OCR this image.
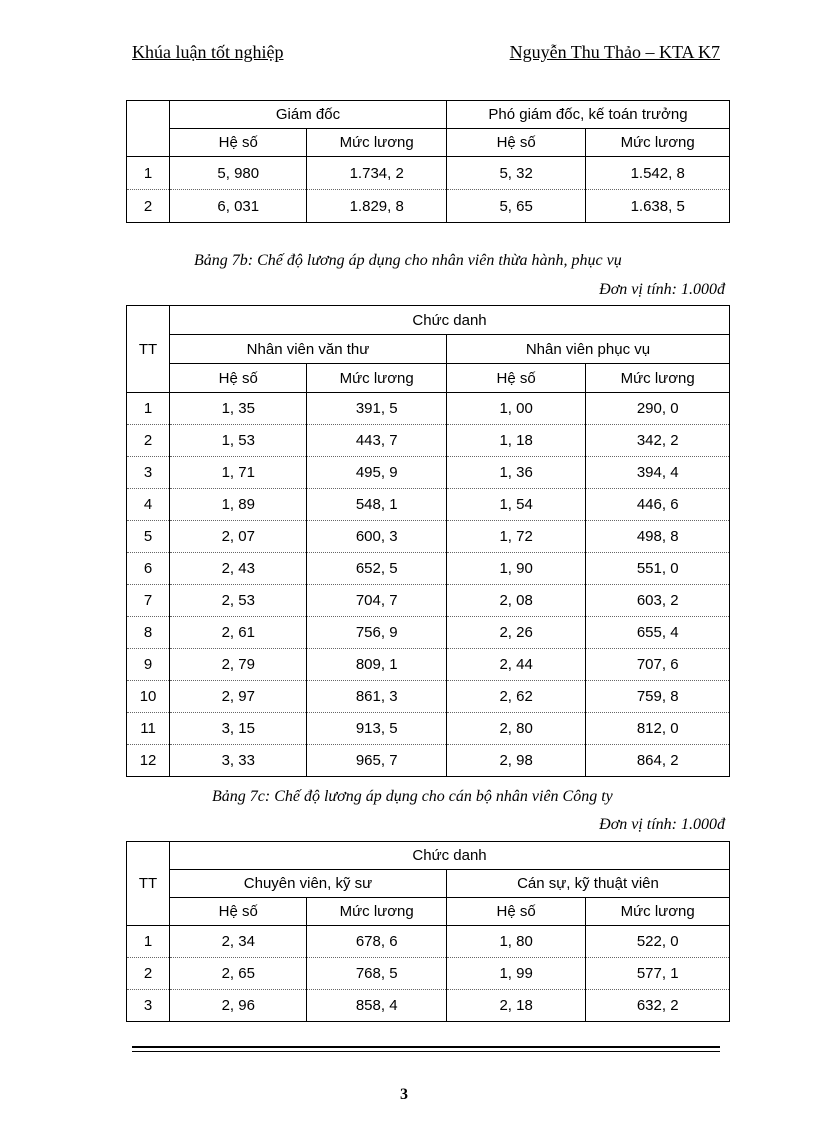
Khúa luận tốt nghiệp	Nguyễn Thu Thảo – KTA K7
	Giám đốc		Phó giám đốc, kế toán trưởng	
	Hệ số	Mức lương	Hệ số	Mức lương
1	5, 980	1.734, 2	5, 32	1.542, 8
2	6, 031	1.829, 8	5, 65	1.638, 5
Bảng 7b: Chế độ lương áp dụng cho nhân viên thừa hành, phục vụ
Đơn vị tính: 1.000đ
TT	Chức danh			
	Nhân viên văn thư		Nhân viên phục vụ	
	Hệ số	Mức lương	Hệ số	Mức lương
1	1, 35	391, 5	1, 00	290, 0
2	1, 53	443, 7	1, 18	342, 2
3	1, 71	495, 9	1, 36	394, 4
4	1, 89	548, 1	1, 54	446, 6
5	2, 07	600, 3	1, 72	498, 8
6	2, 43	652, 5	1, 90	551, 0
7	2, 53	704, 7	2, 08	603, 2
8	2, 61	756, 9	2, 26	655, 4
9	2, 79	809, 1	2, 44	707, 6
10	2, 97	861, 3	2, 62	759, 8
11	3, 15	913, 5	2, 80	812, 0
12	3, 33	965, 7	2, 98	864, 2
Bảng 7c: Chế độ lương áp dụng cho cán bộ nhân viên Công ty
Đơn vị tính: 1.000đ
TT	Chức danh			
	Chuyên viên, kỹ sư		Cán sự, kỹ thuật viên	
	Hệ số	Mức lương	Hệ số	Mức lương
1	2, 34	678, 6	1, 80	522, 0
2	2, 65	768, 5	1, 99	577, 1
3	2, 96	858, 4	2, 18	632, 2
3
